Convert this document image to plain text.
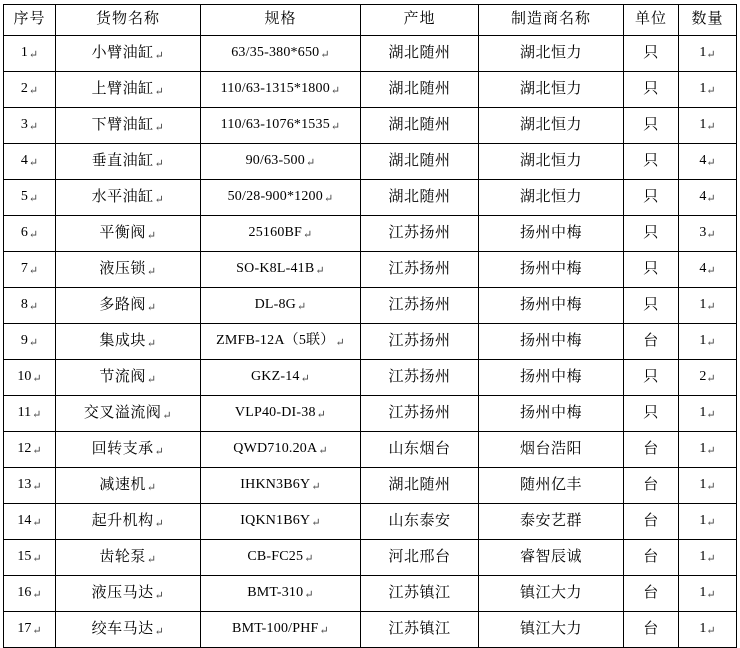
序号	货物名称	规格	产地	制造商名称	单位	数量

1 ↵	小臂油缸 ↵	63/35-380*650 ↵	湖北随州	湖北恒力	只	1 ↵

2 ↵	上臂油缸 ↵	110/63-1315*1800 ↵	湖北随州	湖北恒力	只	1 ↵

3 ↵	下臂油缸 ↵	110/63-1076*1535 ↵	湖北随州	湖北恒力	只	1 ↵

4 ↵	垂直油缸 ↵	90/63-500 ↵	湖北随州	湖北恒力	只	4 ↵

5 ↵	水平油缸 ↵	50/28-900*1200 ↵	湖北随州	湖北恒力	只	4 ↵

6 ↵	平衡阀 ↵	25160BF ↵	江苏扬州	扬州中梅	只	3 ↵

7 ↵	液压锁 ↵	SO-K8L-41B ↵	江苏扬州	扬州中梅	只	4 ↵

8 ↵	多路阀 ↵	DL-8G ↵	江苏扬州	扬州中梅	只	1 ↵

9 ↵	集成块 ↵	ZMFB-12A（5联） ↵	江苏扬州	扬州中梅	台	1 ↵

10 ↵	节流阀 ↵	GKZ-14 ↵	江苏扬州	扬州中梅	只	2 ↵

11 ↵	交叉溢流阀 ↵	VLP40-DI-38 ↵	江苏扬州	扬州中梅	只	1 ↵

12 ↵	回转支承 ↵	QWD710.20A ↵	山东烟台	烟台浩阳	台	1 ↵

13 ↵	减速机 ↵	IHKN3B6Y ↵	湖北随州	随州亿丰	台	1 ↵

14 ↵	起升机构 ↵	IQKN1B6Y ↵	山东泰安	泰安艺群	台	1 ↵

15 ↵	齿轮泵 ↵	CB-FC25 ↵	河北邢台	睿智辰诚	台	1 ↵

16 ↵	液压马达 ↵	BMT-310 ↵	江苏镇江	镇江大力	台	1 ↵

17 ↵	绞车马达 ↵	BMT-100/PHF ↵	江苏镇江	镇江大力	台	1 ↵
